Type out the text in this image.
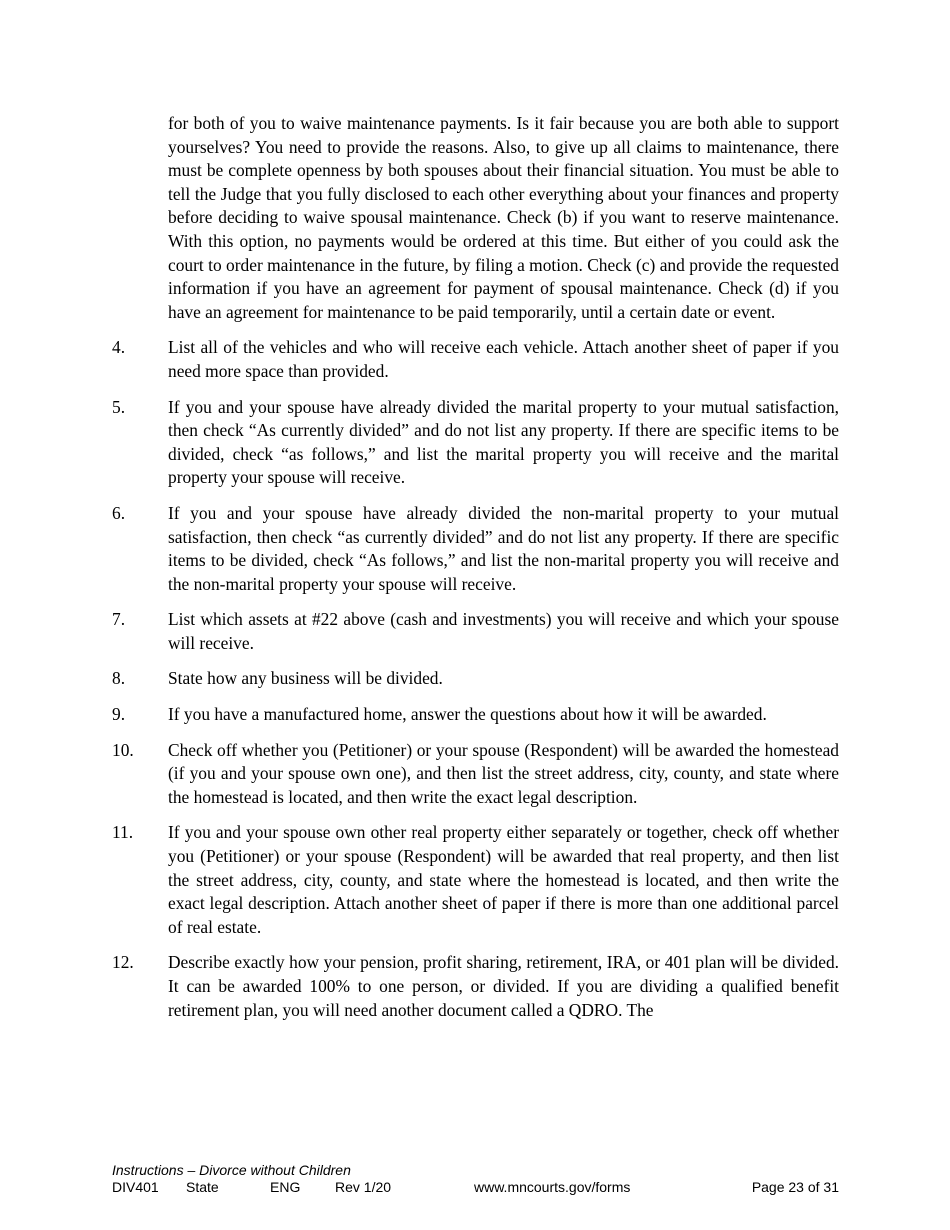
for both of you to waive maintenance payments. Is it fair because you are both able to support yourselves? You need to provide the reasons. Also, to give up all claims to maintenance, there must be complete openness by both spouses about their financial situation. You must be able to tell the Judge that you fully disclosed to each other everything about your finances and property before deciding to waive spousal maintenance. Check (b) if you want to reserve maintenance. With this option, no payments would be ordered at this time. But either of you could ask the court to order maintenance in the future, by filing a motion. Check (c) and provide the requested information if you have an agreement for payment of spousal maintenance. Check (d) if you have an agreement for maintenance to be paid temporarily, until a certain date or event.

4.	List all of the vehicles and who will receive each vehicle. Attach another sheet of paper if you need more space than provided.

5.	If you and your spouse have already divided the marital property to your mutual satisfaction, then check “As currently divided” and do not list any property. If there are specific items to be divided, check “as follows,” and list the marital property you will receive and the marital property your spouse will receive.

6.	If you and your spouse have already divided the non-marital property to your mutual satisfaction, then check “as currently divided” and do not list any property. If there are specific items to be divided, check “As follows,” and list the non-marital property you will receive and the non-marital property your spouse will receive.

7.	List which assets at #22 above (cash and investments) you will receive and which your spouse will receive.

8.	State how any business will be divided.

9.	If you have a manufactured home, answer the questions about how it will be awarded.

10.	Check off whether you (Petitioner) or your spouse (Respondent) will be awarded the homestead (if you and your spouse own one), and then list the street address, city, county, and state where the homestead is located, and then write the exact legal description.

11.	If you and your spouse own other real property either separately or together, check off whether you (Petitioner) or your spouse (Respondent) will be awarded that real property, and then list the street address, city, county, and state where the homestead is located, and then write the exact legal description. Attach another sheet of paper if there is more than one additional parcel of real estate.

12.	Describe exactly how your pension, profit sharing, retirement, IRA, or 401 plan will be divided. It can be awarded 100% to one person, or divided. If you are dividing a qualified benefit retirement plan, you will need another document called a QDRO. The

Instructions – Divorce without Children
DIV401 State	ENG Rev 1/20	www.mncourts.gov/forms	Page 23 of 31
